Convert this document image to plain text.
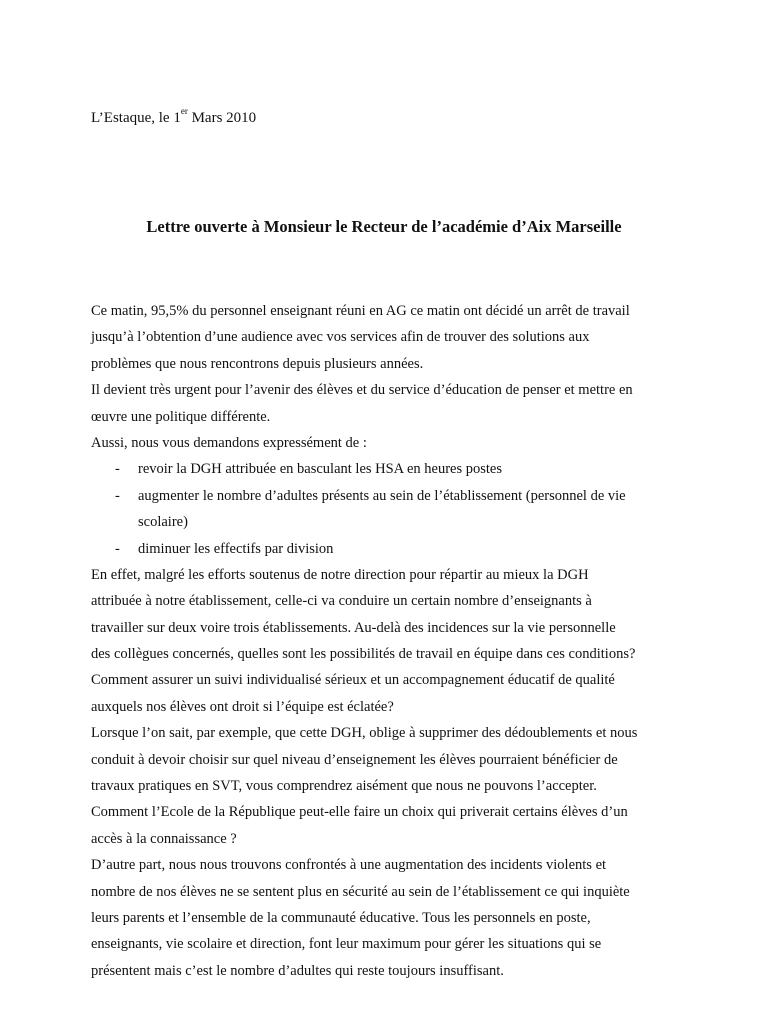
L’Estaque, le 1er Mars 2010
Lettre ouverte à Monsieur le Recteur de l’académie d’Aix Marseille
Ce matin, 95,5% du personnel enseignant réuni en AG ce matin ont décidé un arrêt de travail
jusqu’à l’obtention d’une audience avec vos services afin de trouver des solutions aux
problèmes que nous rencontrons depuis plusieurs années.
Il devient très urgent pour l’avenir des élèves et du service d’éducation de penser et mettre en
œuvre une politique différente.
Aussi, nous vous demandons expressément de :
- revoir la DGH attribuée en basculant les HSA en heures postes
- augmenter le nombre d’adultes présents au sein de l’établissement (personnel de vie
scolaire)
- diminuer les effectifs par division
En effet, malgré les efforts soutenus de notre direction pour répartir au mieux la DGH
attribuée à notre établissement, celle-ci va conduire un certain nombre d’enseignants à
travailler sur deux voire trois établissements. Au-delà des incidences sur la vie personnelle
des collègues concernés, quelles sont les possibilités de travail en équipe dans ces conditions?
Comment assurer un suivi individualisé sérieux et un accompagnement éducatif de qualité
auxquels nos élèves ont droit si l’équipe est éclatée?
Lorsque l’on sait, par exemple, que cette DGH, oblige à supprimer des dédoublements et nous
conduit à devoir choisir sur quel niveau d’enseignement les élèves pourraient bénéficier de
travaux pratiques en SVT, vous comprendrez aisément que nous ne pouvons l’accepter.
Comment l’Ecole de la République peut-elle faire un choix qui priverait certains élèves d’un
accès à la connaissance ?
D’autre part, nous nous trouvons confrontés à une augmentation des incidents violents et
nombre de nos élèves ne se sentent plus en sécurité au sein de l’établissement ce qui inquiète
leurs parents et l’ensemble de la communauté éducative. Tous les personnels en poste,
enseignants, vie scolaire et direction, font leur maximum pour gérer les situations qui se
présentent mais c’est le nombre d’adultes qui reste toujours insuffisant.
